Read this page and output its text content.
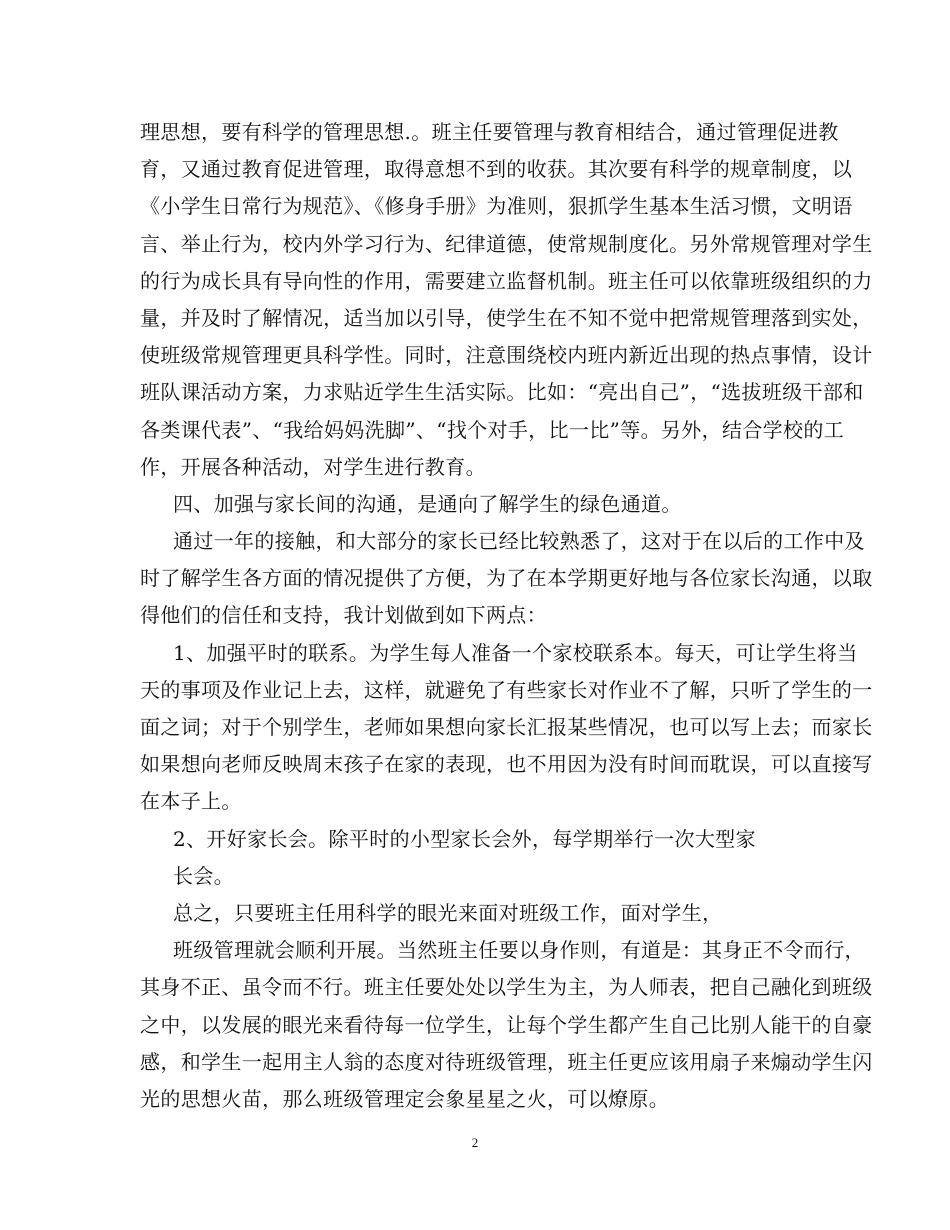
理思想，要有科学的管理思想.。班主任要管理与教育相结合，通过管理促进教
育，又通过教育促进管理，取得意想不到的收获。其次要有科学的规章制度，以
《小学生日常行为规范》、《修身手册》为准则，狠抓学生基本生活习惯，文明语
言、举止行为，校内外学习行为、纪律道德，使常规制度化。另外常规管理对学生
的行为成长具有导向性的作用，需要建立监督机制。班主任可以依靠班级组织的力
量，并及时了解情况，适当加以引导，使学生在不知不觉中把常规管理落到实处，
使班级常规管理更具科学性。同时，注意围绕校内班内新近出现的热点事情，设计
班队课活动方案，力求贴近学生生活实际。比如：“亮出自己”，“选拔班级干部和
各类课代表”、“我给妈妈洗脚”、“找个对手，比一比”等。另外，结合学校的工
作，开展各种活动，对学生进行教育。
四、加强与家长间的沟通，是通向了解学生的绿色通道。
通过一年的接触，和大部分的家长已经比较熟悉了，这对于在以后的工作中及
时了解学生各方面的情况提供了方便，为了在本学期更好地与各位家长沟通，以取
得他们的信任和支持，我计划做到如下两点：
1、加强平时的联系。为学生每人准备一个家校联系本。每天，可让学生将当
天的事项及作业记上去，这样，就避免了有些家长对作业不了解，只听了学生的一
面之词；对于个别学生，老师如果想向家长汇报某些情况，也可以写上去；而家长
如果想向老师反映周末孩子在家的表现，也不用因为没有时间而耽误，可以直接写
在本子上。
2、开好家长会。除平时的小型家长会外，每学期举行一次大型家
长会。
总之，只要班主任用科学的眼光来面对班级工作，面对学生，
班级管理就会顺利开展。当然班主任要以身作则，有道是：其身正不令而行，
其身不正、虽令而不行。班主任要处处以学生为主，为人师表，把自己融化到班级
之中，以发展的眼光来看待每一位学生，让每个学生都产生自己比别人能干的自豪
感，和学生一起用主人翁的态度对待班级管理，班主任更应该用扇子来煽动学生闪
光的思想火苗，那么班级管理定会象星星之火，可以燎原。
2
